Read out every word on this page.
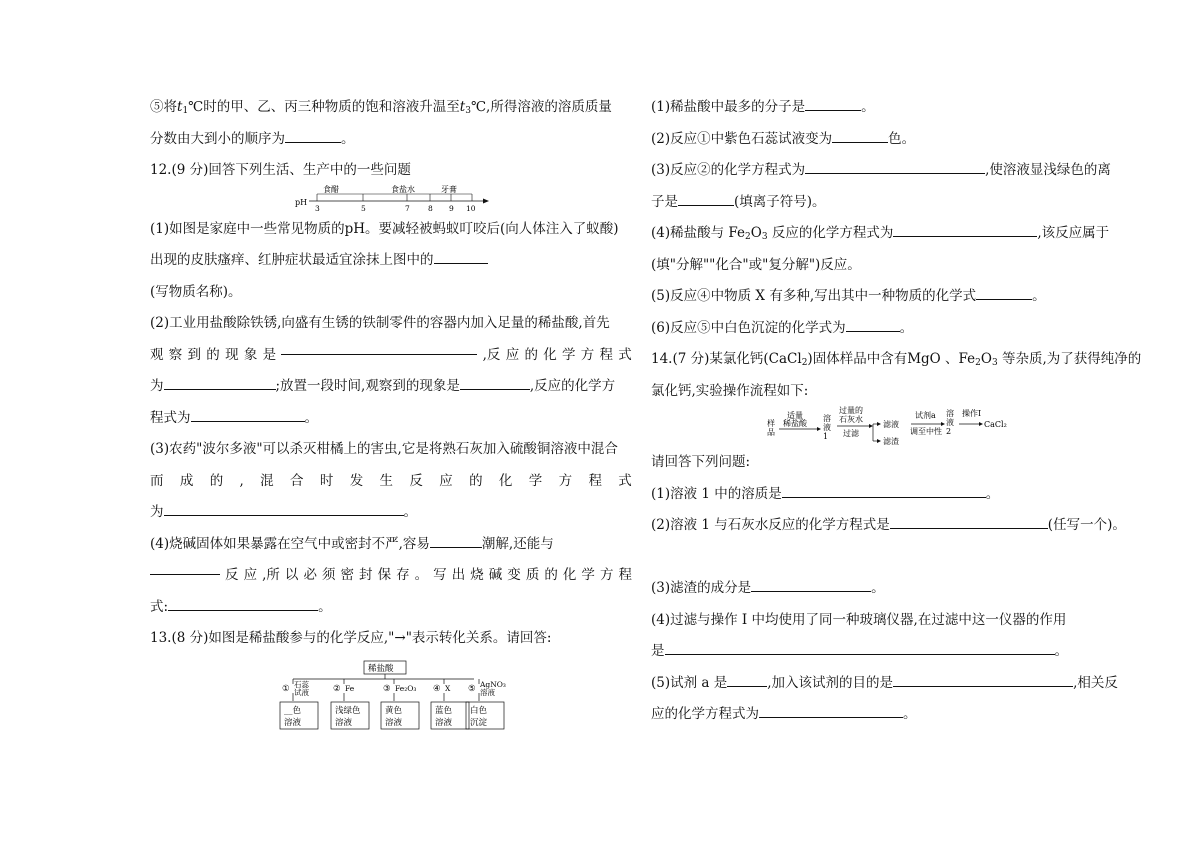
⑤将$t_1℃$时的甲、乙、丙三种物质的饱和溶液升温至$t_3℃$,所得溶液的溶质质量
分数由大到小的顺序为	。
12.(9 分)回答下列生活、生产中的一些问题
(1)如图是家庭中一些常见物质的pH。要减轻被蚂蚁叮咬后(向人体注入了蚁酸)
出现的皮肤瘙痒、红肿症状最适宜涂抹上图中的
(写物质名称)。
(2)工业用盐酸除铁锈,向盛有生锈的铁制零件的容器内加入足量的稀盐酸,首先
观 察 到 的 现 象 是	,反 应 的 化 学 方 程 式
为	;放置一段时间,观察到的现象是	,反应的化学方
程式为	。
(3)农药"波尔多液"可以杀灭柑橘上的害虫,它是将熟石灰加入硫酸铜溶液中混合
而 成 的 , 混 合 时 发 生 反 应 的 化 学 方 程 式
为	。
(4)烧碱固体如果暴露在空气中或密封不严,容易	潮解,还能与
反 应 ,所 以 必 须 密 封 保 存 。 写 出 烧 碱 变 质 的 化 学 方 程
式:	。
13.(8 分)如图是稀盐酸参与的化学反应,"→"表示转化关系。请回答:
pH
3	5	7 8 9 10
食醋	食盐水	牙膏
稀盐酸
① 石蕊
试液
__色
溶液
② Fe
浅绿色
溶液
③ Fe₂O₃
黄色
溶液
④ X
蓝色
溶液
⑤ AgNO₃
溶液
白色
沉淀
(1)稀盐酸中最多的分子是	。
(2)反应①中紫色石蕊试液变为	色。
(3)反应②的化学方程式为	,使溶液显浅绿色的离
子是	(填离子符号)。
(4)稀盐酸与 $Fe_2O_3$ 反应的化学方程式为	,该反应属于
(填"分解""化合"或"复分解")反应。
(5)反应④中物质 X 有多种,写出其中一种物质的化学式	。
(6)反应⑤中白色沉淀的化学式为	。
14.(7 分)某氯化钙(CaCl$_2$)固体样品中含有MgO 、$Fe_2O_3$ 等杂质,为了获得纯净的
氯化钙,实验操作流程如下:
请回答下列问题:
(1)溶液 1 中的溶质是	。
(2)溶液 1 与石灰水反应的化学方程式是	(任写一个)。
(3)滤渣的成分是	。
(4)过滤与操作 I 中均使用了同一种玻璃仪器,在过滤中这一仪器的作用
是	。
(5)试剂 a 是	,加入该试剂的目的是	,相关反
应的化学方程式为	。
样
品
适量
稀盐酸
溶
液
1
过量的
石灰水
过滤
滤液
滤渣
试剂a
调至中性
溶
液
2
操作Ⅰ
CaCl₂
